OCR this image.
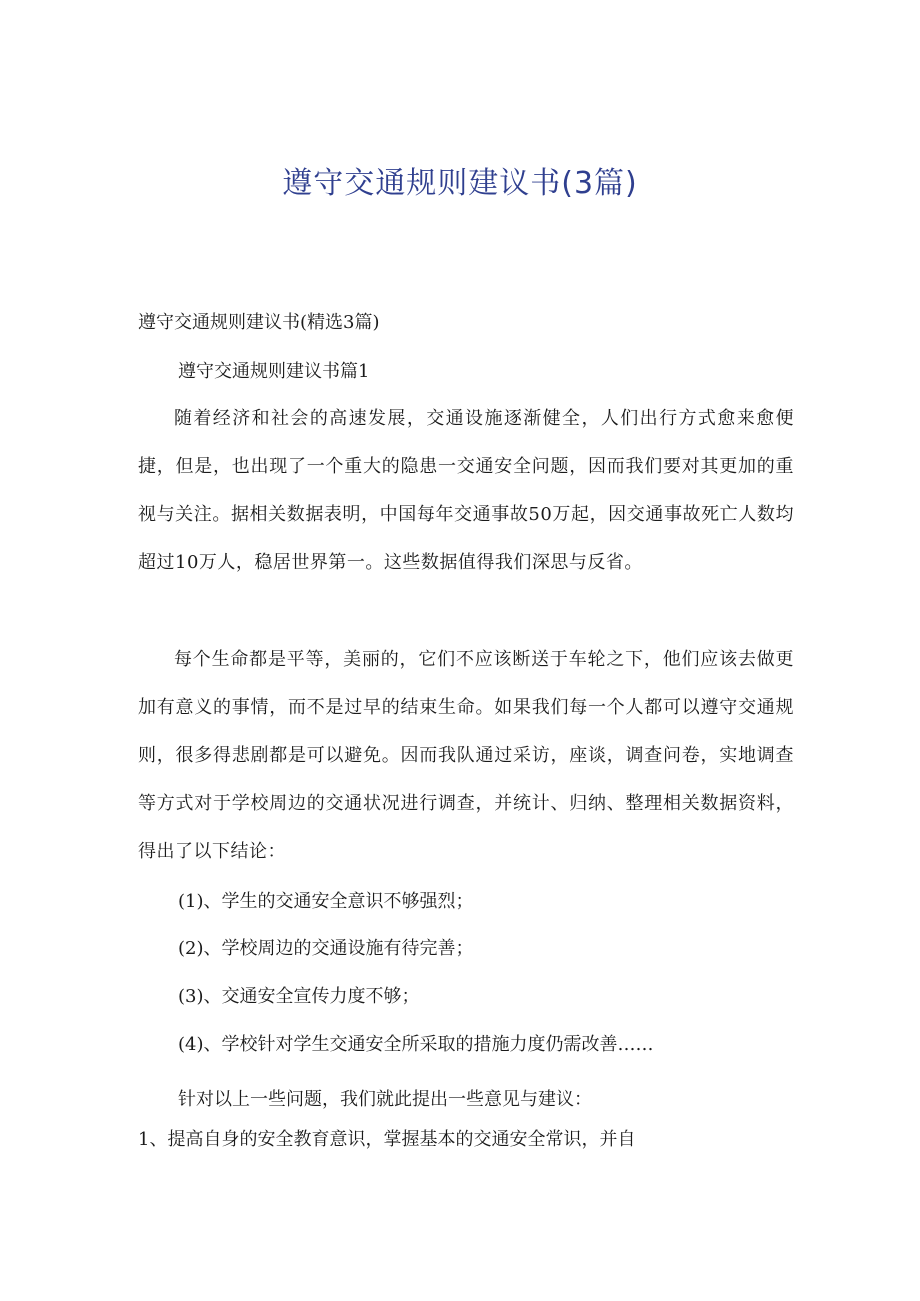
遵守交通规则建议书(3篇)

遵守交通规则建议书(精选3篇)

遵守交通规则建议书篇1

随着经济和社会的高速发展，交通设施逐渐健全，人们出行方式愈来愈便捷，但是，也出现了一个重大的隐患一交通安全问题，因而我们要对其更加的重视与关注。据相关数据表明，中国每年交通事故50万起，因交通事故死亡人数均超过10万人，稳居世界第一。这些数据值得我们深思与反省。

每个生命都是平等，美丽的，它们不应该断送于车轮之下，他们应该去做更加有意义的事情，而不是过早的结束生命。如果我们每一个人都可以遵守交通规则，很多得悲剧都是可以避免。因而我队通过采访，座谈，调查问卷，实地调查等方式对于学校周边的交通状况进行调查，并统计、归纳、整理相关数据资料，得出了以下结论：

(1)、学生的交通安全意识不够强烈；

(2)、学校周边的交通设施有待完善；

(3)、交通安全宣传力度不够；

(4)、学校针对学生交通安全所采取的措施力度仍需改善……

针对以上一些问题，我们就此提出一些意见与建议：

1、提高自身的安全教育意识，掌握基本的交通安全常识，并自
